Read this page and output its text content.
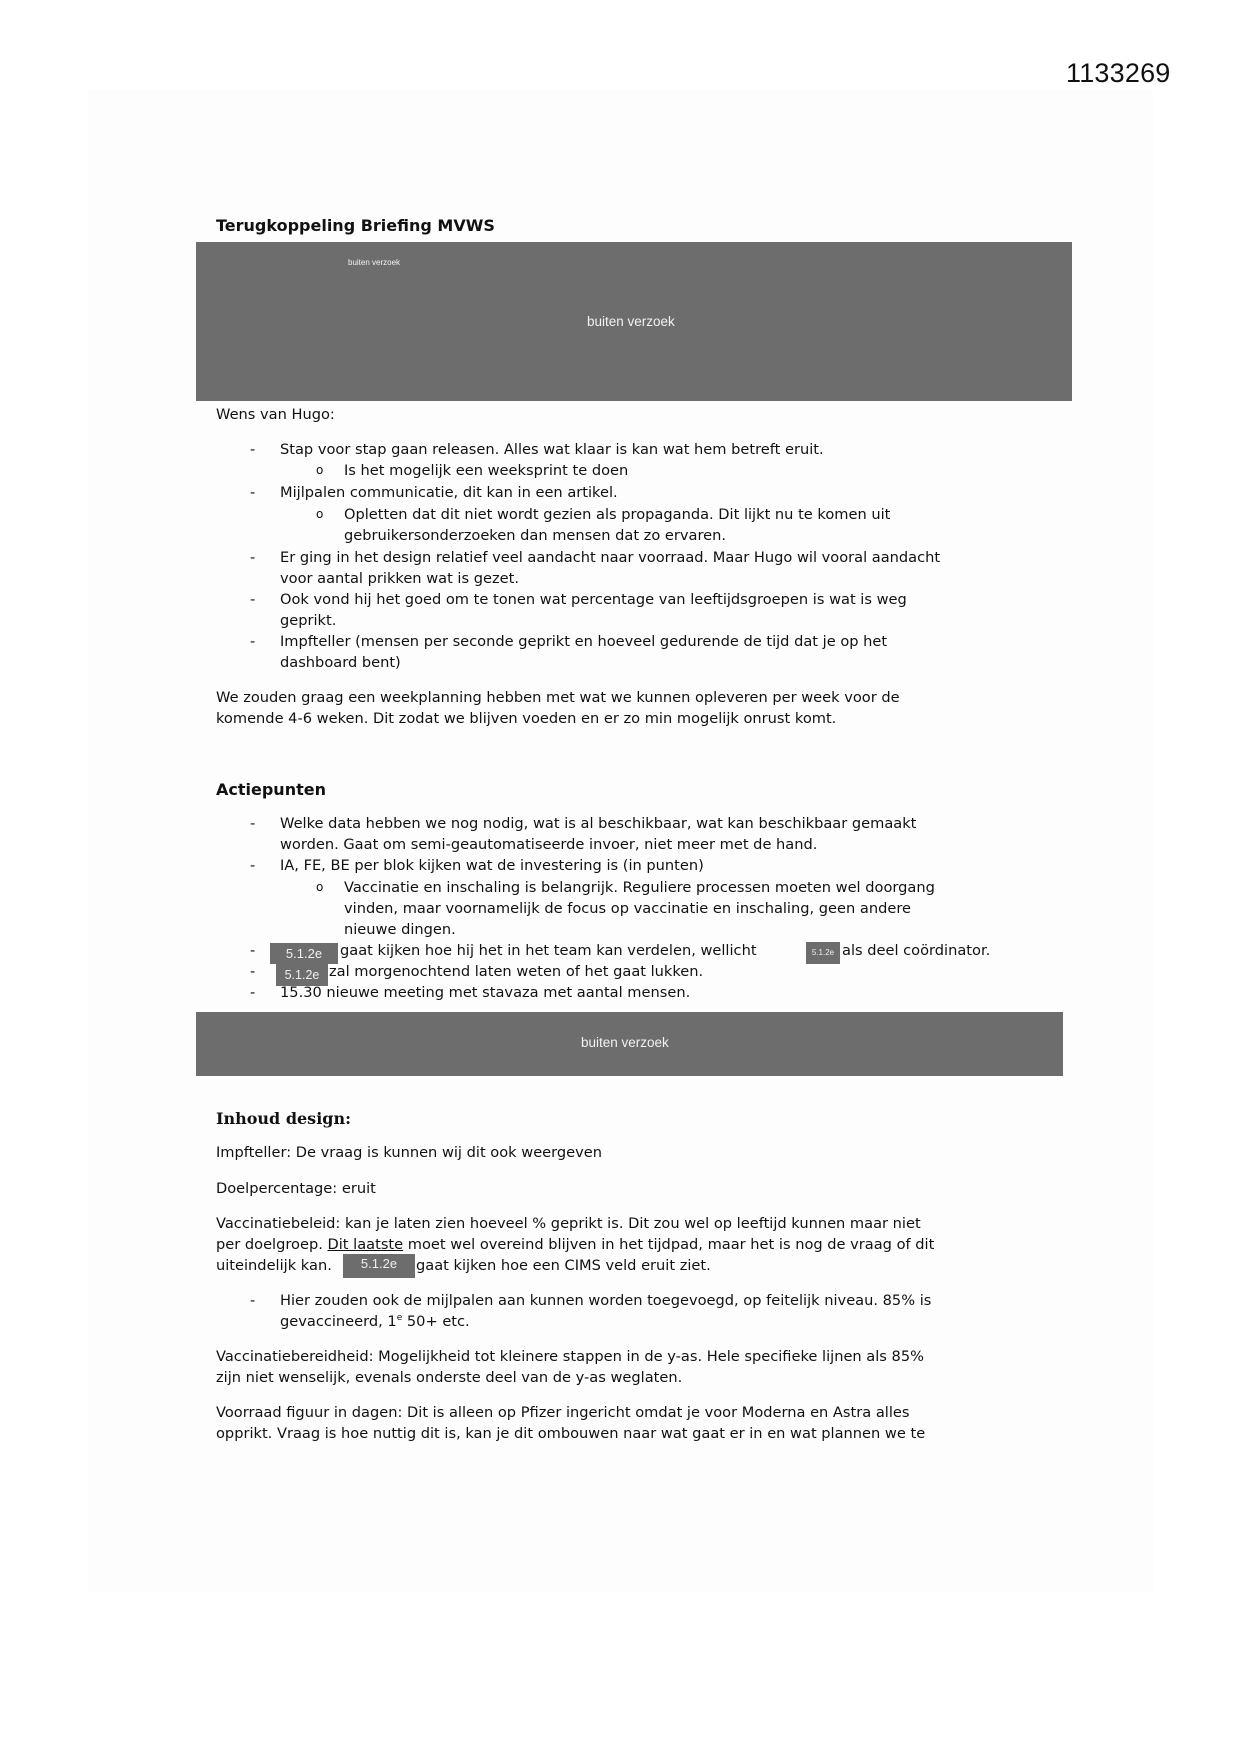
1133269
Terugkoppeling Briefing MVWS
buiten verzoek
buiten verzoek
Wens van Hugo:
- Stap voor stap gaan releasen. Alles wat klaar is kan wat hem betreft eruit.
o Is het mogelijk een weeksprint te doen
- Mijlpalen communicatie, dit kan in een artikel.
o Opletten dat dit niet wordt gezien als propaganda. Dit lijkt nu te komen uit
gebruikersonderzoeken dan mensen dat zo ervaren.
- Er ging in het design relatief veel aandacht naar voorraad. Maar Hugo wil vooral aandacht
voor aantal prikken wat is gezet.
- Ook vond hij het goed om te tonen wat percentage van leeftijdsgroepen is wat is weg
geprikt.
- Impfteller (mensen per seconde geprikt en hoeveel gedurende de tijd dat je op het
dashboard bent)
We zouden graag een weekplanning hebben met wat we kunnen opleveren per week voor de
komende 4-6 weken. Dit zodat we blijven voeden en er zo min mogelijk onrust komt.
Actiepunten
- Welke data hebben we nog nodig, wat is al beschikbaar, wat kan beschikbaar gemaakt
worden. Gaat om semi-geautomatiseerde invoer, niet meer met de hand.
- IA, FE, BE per blok kijken wat de investering is (in punten)
o Vaccinatie en inschaling is belangrijk. Reguliere processen moeten wel doorgang
vinden, maar voornamelijk de focus op vaccinatie en inschaling, geen andere
nieuwe dingen.
-	5.1.2e	gaat kijken hoe hij het in het team kan verdelen, wellicht	5.1.2e als deel coördinator.
-	5.1.2e zal morgenochtend laten weten of het gaat lukken.
- 15.30 nieuwe meeting met stavaza met aantal mensen.
buiten verzoek
Inhoud design:
Impfteller: De vraag is kunnen wij dit ook weergeven
Doelpercentage: eruit
Vaccinatiebeleid: kan je laten zien hoeveel % geprikt is. Dit zou wel op leeftijd kunnen maar niet
per doelgroep. Dit laatste moet wel overeind blijven in het tijdpad, maar het is nog de vraag of dit
uiteindelijk kan.	5.1.2e	gaat kijken hoe een CIMS veld eruit ziet.
- Hier zouden ook de mijlpalen aan kunnen worden toegevoegd, op feitelijk niveau. 85% is
gevaccineerd, 1e 50+ etc.
Vaccinatiebereidheid: Mogelijkheid tot kleinere stappen in de y-as. Hele specifieke lijnen als 85%
zijn niet wenselijk, evenals onderste deel van de y-as weglaten.
Voorraad figuur in dagen: Dit is alleen op Pfizer ingericht omdat je voor Moderna en Astra alles
opprikt. Vraag is hoe nuttig dit is, kan je dit ombouwen naar wat gaat er in en wat plannen we te
